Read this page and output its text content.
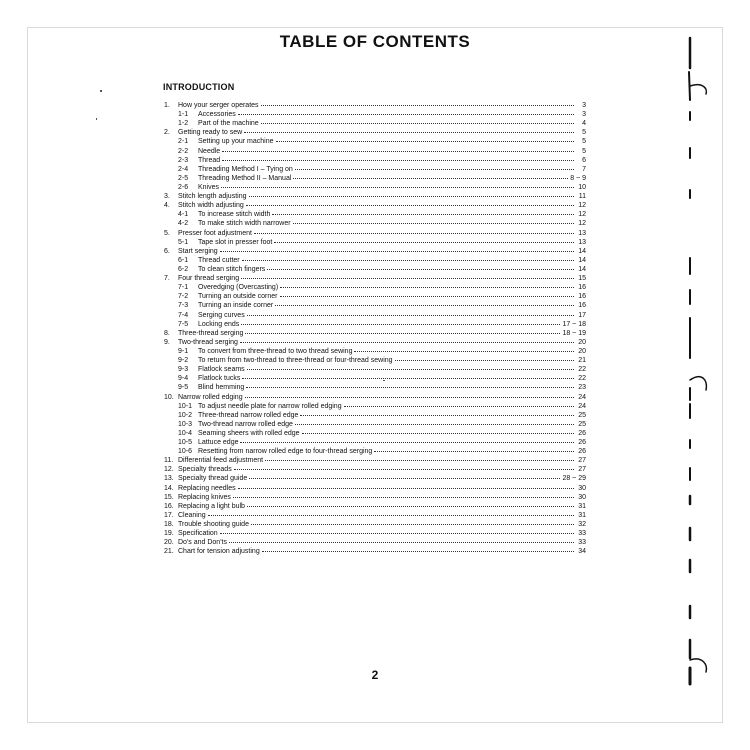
TABLE OF CONTENTS
INTRODUCTION
1.	How your serger operates	3
1-1	Accessories	3
1-2	Part of the machine	4
2.	Getting ready to sew	5
2-1	Setting up your machine	5
2-2	Needle	5
2-3	Thread	6
2-4	Threading Method I – Tying on	7
2-5	Threading Method II – Manual	8 ~ 9
2-6	Knives	10
3.	Stitch length adjusting	11
4.	Stitch width adjusting	12
4-1	To increase stitch width	12
4-2	To make stitch width narrower	12
5.	Presser foot adjustment	13
5-1	Tape slot in presser foot	13
6.	Start serging	14
6-1	Thread cutter	14
6-2	To clean stitch fingers	14
7.	Four thread serging	15
7-1	Overedging (Overcasting)	16
7-2	Turning an outside corner	16
7-3	Turning an inside corner	16
7-4	Serging curves	17
7-5	Locking ends	17 ~ 18
8.	Three-thread serging	18 ~ 19
9.	Two-thread serging	20
9-1	To convert from three-thread to two thread sewing	20
9-2	To return from two-thread to three-thread or four-thread sewing	21
9-3	Flatlock seams	22
9-4	Flatlock tucks	22
9-5	Blind hemming	23
10. Narrow rolled edging	24
10-1 To adjust needle plate for narrow rolled edging	24
10-2 Three-thread narrow rolled edge	25
10-3 Two-thread narrow rolled edge	25
10-4 Seaming sheers with rolled edge	26
10-5 Lattuce edge	26
10-6 Resetting from narrow rolled edge to four-thread serging	26
11. Differential feed adjustment	27
12. Specialty threads	27
13. Specialty thread guide	28 ~ 29
14. Replacing needles	30
15. Replacing knives	30
16. Replacing a light bulb	31
17. Cleaning	31
18. Trouble shooting guide	32
19. Specification	33
20. Do's and Don'ts	33
21. Chart for tension adjusting	34
2
